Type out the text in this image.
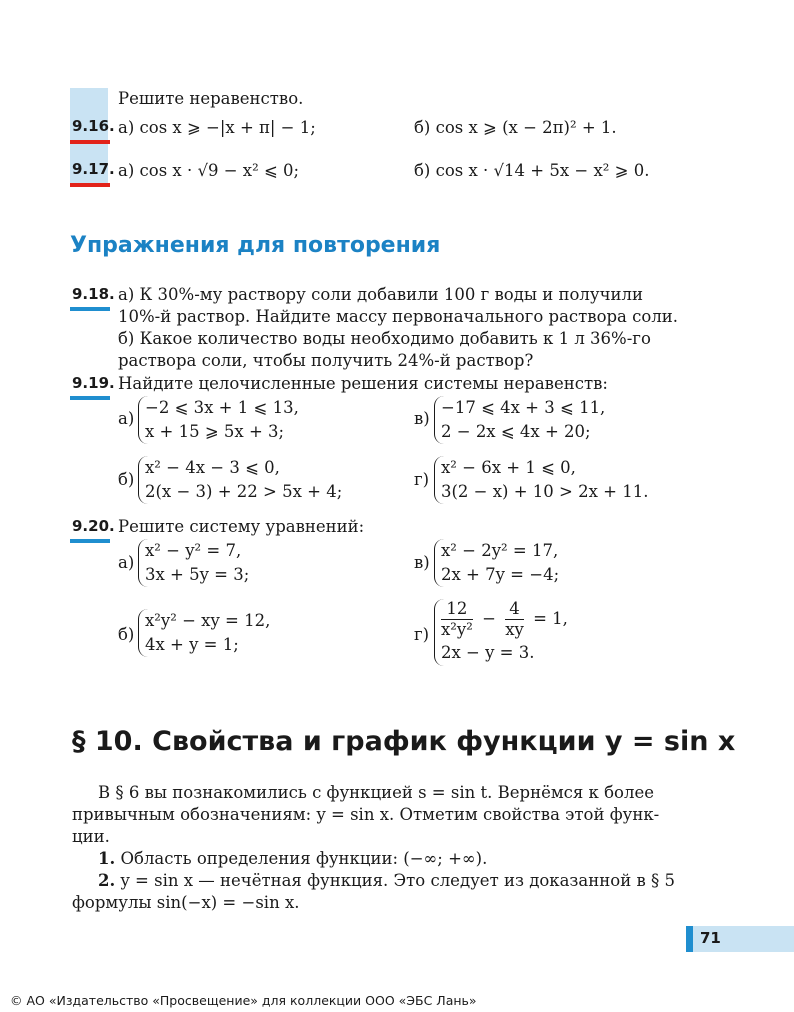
Решите неравенство.
9.16. а) cos x ⩾ −|x + π| − 1;	б) cos x ⩾ (x − 2π)² + 1.
9.17. а) cos x · √9 − x² ⩽ 0;	б) cos x · √14 + 5x − x² ⩾ 0.
Упражнения для повторения
9.18. а) К 30%-му раствору соли добавили 100 г воды и получили
10%-й раствор. Найдите массу первоначального раствора соли.
б) Какое количество воды необходимо добавить к 1 л 36%-го
раствора соли, чтобы получить 24%-й раствор?
9.19. Найдите целочисленные решения системы неравенств:
а)
−2 ⩽ 3x + 1 ⩽ 13,
x + 15 ⩾ 5x + 3;
в)
−17 ⩽ 4x + 3 ⩽ 11,
2 − 2x ⩽ 4x + 20;
б)
x² − 4x − 3 ⩽ 0,
2(x − 3) + 22 > 5x + 4;
г)
x² − 6x + 1 ⩽ 0,
3(2 − x) + 10 > 2x + 11.
9.20. Решите систему уравнений:
а)
x² − y² = 7,
3x + 5y = 3;
в)
x² − 2y² = 17,
2x + 7y = −4;
б)
x²y² − xy = 12,
4x + y = 1;
$г) \frac{12}{\text{x²y²}} - \frac{4}{xy} = 1$,
2x − y = 3.
§ 10. Свойства и график функции y = sin x
В § 6 вы познакомились с функцией s = sin t. Вернёмся к более
привычным обозначениям: y = sin x. Отметим свойства этой функ-
ции.
1. Область определения функции: (−∞; +∞).
2. y = sin x — нечётная функция. Это следует из доказанной в § 5
формулы sin(−x) = −sin x.
71
© АО «Издательство «Просвещение» для коллекции ООО «ЭБС Лань»
